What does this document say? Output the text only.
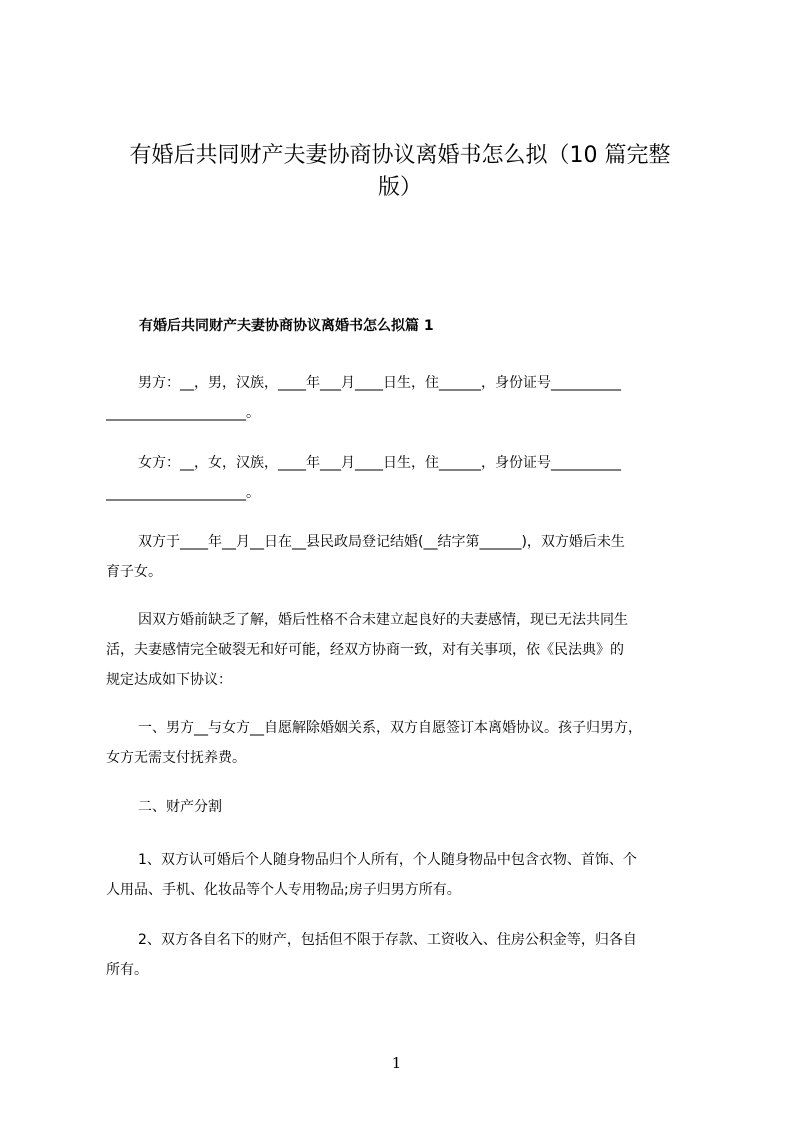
有婚后共同财产夫妻协商协议离婚书怎么拟（10 篇完整
版）
有婚后共同财产夫妻协商协议离婚书怎么拟篇 1
男方：__，男，汉族，____年___月____日生，住______，身份证号__________
____________________。
女方：__，女，汉族，____年___月____日生，住______，身份证号__________
____________________。
双方于____年__月__日在__县民政局登记结婚(__结字第______)，双方婚后未生
育子女。
因双方婚前缺乏了解，婚后性格不合未建立起良好的夫妻感情，现已无法共同生
活，夫妻感情完全破裂无和好可能，经双方协商一致，对有关事项，依《民法典》的
规定达成如下协议：
一、男方__与女方__自愿解除婚姻关系，双方自愿签订本离婚协议。孩子归男方，
女方无需支付抚养费。
二、财产分割
1、双方认可婚后个人随身物品归个人所有，个人随身物品中包含衣物、首饰、个
人用品、手机、化妆品等个人专用物品;房子归男方所有。
2、双方各自名下的财产，包括但不限于存款、工资收入、住房公积金等，归各自
所有。
1
